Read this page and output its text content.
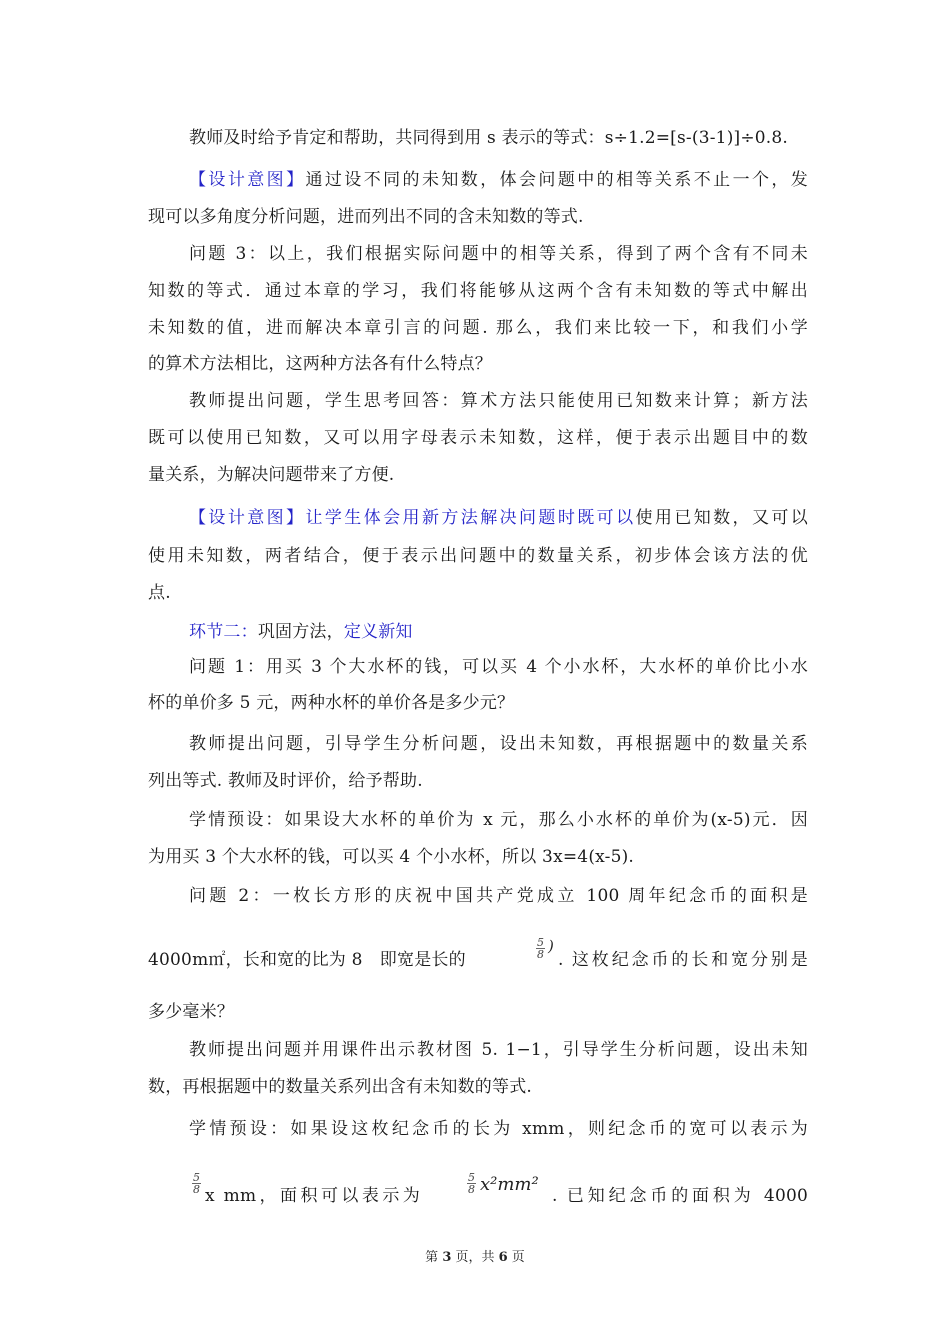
教师及时给予肯定和帮助，共同得到用 s 表示的等式：s÷1.2=[s-(3-1)]÷0.8.
【设计意图】通过设不同的未知数，体会问题中的相等关系不止一个，发
现可以多角度分析问题，进而列出不同的含未知数的等式.
问题 3：以上，我们根据实际问题中的相等关系，得到了两个含有不同未
知数的等式．通过本章的学习，我们将能够从这两个含有未知数的等式中解出
未知数的值，进而解决本章引言的问题. 那么，我们来比较一下，和我们小学
的算术方法相比，这两种方法各有什么特点？
教师提出问题，学生思考回答：算术方法只能使用已知数来计算；新方法
既可以使用已知数，又可以用字母表示未知数，这样，便于表示出题目中的数
量关系，为解决问题带来了方便.
【设计意图】让学生体会用新方法解决问题时既可以使用已知数，又可以
使用未知数，两者结合，便于表示出问题中的数量关系，初步体会该方法的优
点.
环节二：巩固方法，定义新知
问题 1：用买 3 个大水杯的钱，可以买 4 个小水杯，大水杯的单价比小水
杯的单价多 5 元，两种水杯的单价各是多少元？
教师提出问题，引导学生分析问题，设出未知数，再根据题中的数量关系
列出等式. 教师及时评价，给予帮助.
学情预设：如果设大水杯的单价为 x 元，那么小水杯的单价为(x-5)元．因
为用买 3 个大水杯的钱，可以买 4 个小水杯，所以 3x=4(x-5).
问题 2：一枚长方形的庆祝中国共产党成立 100 周年纪念币的面积是
4000m㎡，长和宽的比为 8　即宽是长的	$\frac{5}{8}$ )
. 这枚纪念币的长和宽分别是
多少毫米？
教师提出问题并用课件出示教材图 5. 1−1，引导学生分析问题，设出未知
数，再根据题中的数量关系列出含有未知数的等式.
学情预设：如果设这枚纪念币的长为 xmm，则纪念币的宽可以表示为
$\frac{5}{8}$
x mm，面积可以表示为
$\frac{5}{8} x^2mm^2$
. 已知纪念币的面积为 4000
第 3 页，共 6 页
